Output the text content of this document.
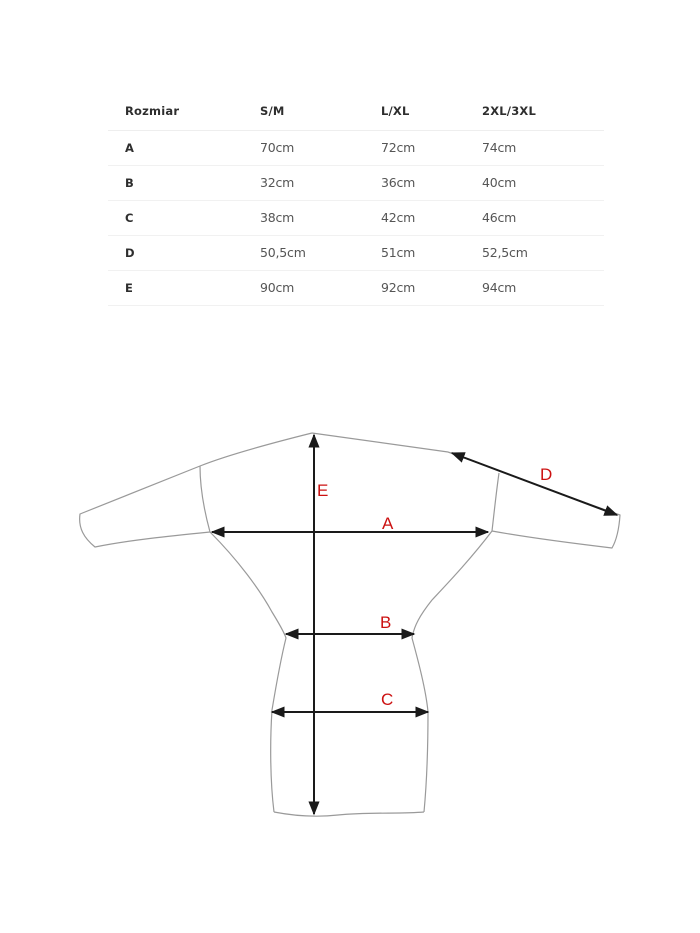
Rozmiar	S/M	L/XL	2XL/3XL
A	70cm	72cm	74cm
B	32cm	36cm	40cm
C	38cm	42cm	46cm
D	50,5cm	51cm	52,5cm
E	90cm	92cm	94cm
A
B
C
D
E
